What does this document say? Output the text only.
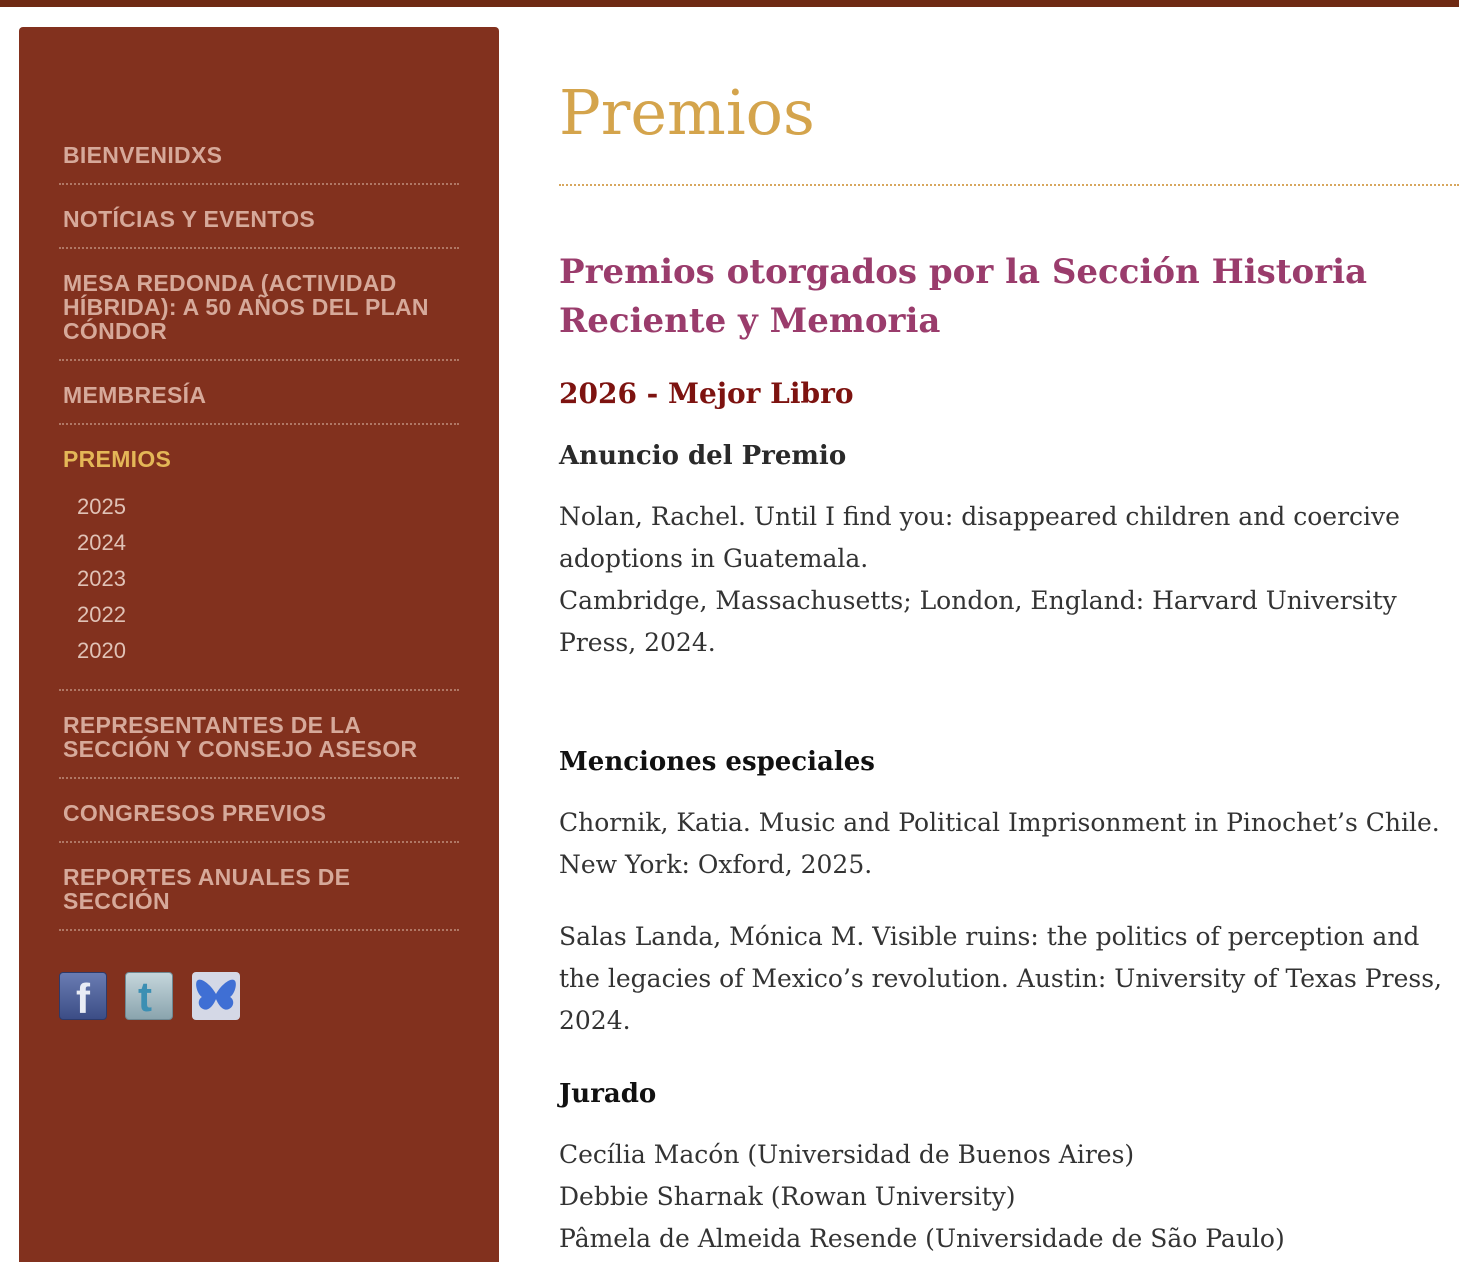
BIENVENIDXS
NOTÍCIAS Y EVENTOS
MESA REDONDA (ACTIVIDAD HÍBRIDA): A 50 AÑOS DEL PLAN CÓNDOR
MEMBRESÍA
PREMIOS
2025
2024
2023
2022
2020
REPRESENTANTES DE LA SECCIÓN Y CONSEJO ASESOR
CONGRESOS PREVIOS
REPORTES ANUALES DE SECCIÓN
f t
Premios
Premios otorgados por la Sección Historia Reciente y Memoria
2026 - Mejor Libro
Anuncio del Premio

Nolan, Rachel. Until I find you: disappeared children and coercive adoptions in Guatemala.

Cambridge, Massachusetts; London, England: Harvard University Press, 2024.

Menciones especiales

Chornik, Katia. Music and Political Imprisonment in Pinochet’s Chile. New York: Oxford, 2025.

Salas Landa, Mónica M. Visible ruins: the politics of perception and the legacies of Mexico’s revolution. Austin: University of Texas Press, 2024.

Jurado

Cecília Macón (Universidad de Buenos Aires)

Debbie Sharnak (Rowan University)

Pâmela de Almeida Resende (Universidade de São Paulo)
